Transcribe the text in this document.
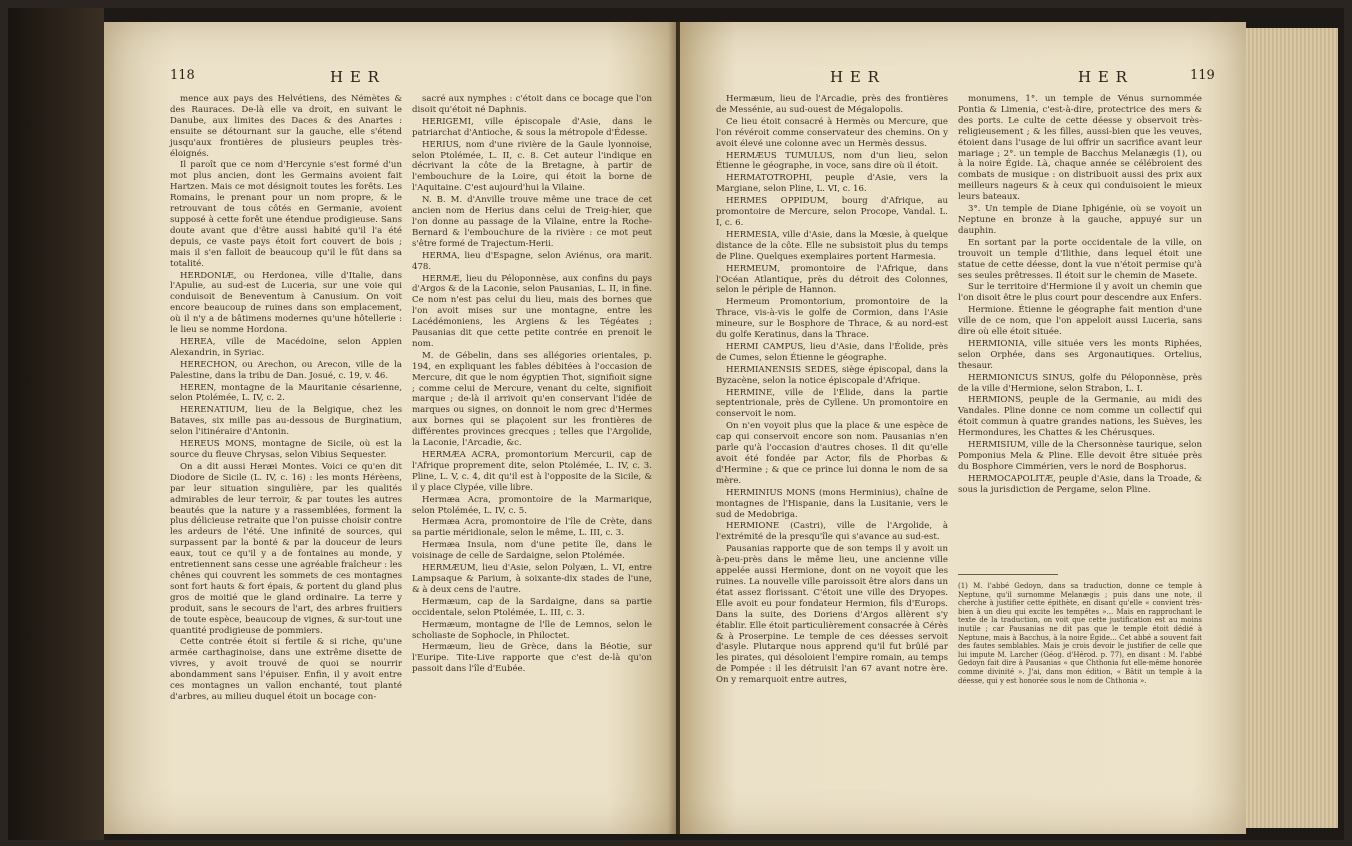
118	H E R

mence aux pays des Helvétiens, des Némètes & des Rauraces. De-là elle va droit, en suivant le Danube, aux limites des Daces & des Anartes : ensuite se détournant sur la gauche, elle s'étend jusqu'aux frontières de plusieurs peuples très-éloignés.

Il paroît que ce nom d'Hercynie s'est formé d'un mot plus ancien, dont les Germains avoient fait Hartzen. Mais ce mot désignoit toutes les forêts. Les Romains, le prenant pour un nom propre, & le retrouvant de tous côtés en Germanie, avoient supposé à cette forêt une étendue prodigieuse. Sans doute avant que d'être aussi habité qu'il l'a été depuis, ce vaste pays étoit fort couvert de bois ; mais il s'en falloit de beaucoup qu'il le fût dans sa totalité.

HERDONIÆ, ou Herdonea, ville d'Italie, dans l'Apulie, au sud-est de Luceria, sur une voie qui conduisoit de Beneventum à Canusium. On voit encore beaucoup de ruines dans son emplacement, où il n'y a de bâtimens modernes qu'une hôtellerie : le lieu se nomme Hordona.

HEREA, ville de Macédoine, selon Appien Alexandrin, in Syriac.

HERECHON, ou Arechon, ou Arecon, ville de la Palestine, dans la tribu de Dan. Josué, c. 19, v. 46.

HEREN, montagne de la Mauritanie césarienne, selon Ptolémée, L. IV, c. 2.

HERENATIUM, lieu de la Belgique, chez les Bataves, six mille pas au-dessous de Burginatium, selon l'itinéraire d'Antonin.

HEREUS MONS, montagne de Sicile, où est la source du fleuve Chrysas, selon Vibius Sequester.

On a dit aussi Heræi Montes. Voici ce qu'en dit Diodore de Sicile (L. IV, c. 16) : les monts Hérèens, par leur situation singulière, par les qualités admirables de leur terroir, & par toutes les autres beautés que la nature y a rassemblées, forment la plus délicieuse retraite que l'on puisse choisir contre les ardeurs de l'été. Une infinité de sources, qui surpassent par la bonté & par la douceur de leurs eaux, tout ce qu'il y a de fontaines au monde, y entretiennent sans cesse une agréable fraîcheur : les chênes qui couvrent les sommets de ces montagnes sont fort hauts & fort épais, & portent du gland plus gros de moitié que le gland ordinaire. La terre y produit, sans le secours de l'art, des arbres fruitiers de toute espèce, beaucoup de vignes, & sur-tout une quantité prodigieuse de pommiers.

Cette contrée étoit si fertile & si riche, qu'une armée carthaginoise, dans une extrême disette de vivres, y avoit trouvé de quoi se nourrir abondamment sans l'épuiser. Enfin, il y avoit entre ces montagnes un vallon enchanté, tout planté d'arbres, au milieu duquel étoit un bocage con-

sacré aux nymphes : c'étoit dans ce bocage que l'on disoit qu'étoit né Daphnis.

HERIGEMI, ville épiscopale d'Asie, dans le patriarchat d'Antioche, & sous la métropole d'Édesse.

HERIUS, nom d'une rivière de la Gaule lyonnoise, selon Ptolémée, L. II, c. 8. Cet auteur l'indique en décrivant la côte de la Bretagne, à partir de l'embouchure de la Loire, qui étoit la borne de l'Aquitaine. C'est aujourd'hui la Vilaine.

N. B. M. d'Anville trouve même une trace de cet ancien nom de Herius dans celui de Treig-hier, que l'on donne au passage de la Vilaine, entre la Roche-Bernard & l'embouchure de la rivière : ce mot peut s'être formé de Trajectum-Herii.

HERMA, lieu d'Espagne, selon Aviénus, ora marit. 478.

HERMÆ, lieu du Péloponnèse, aux confins du pays d'Argos & de la Laconie, selon Pausanias, L. II, in fine. Ce nom n'est pas celui du lieu, mais des bornes que l'on avoit mises sur une montagne, entre les Lacédémoniens, les Argiens & les Tégéates ; Pausanias dit que cette petite contrée en prenoit le nom.

M. de Gébelin, dans ses allégories orientales, p. 194, en expliquant les fables débitées à l'occasion de Mercure, dit que le nom égyptien Thot, signifioit signe ; comme celui de Mercure, venant du celte, signifioit marque ; de-là il arrivoit qu'en conservant l'idée de marques ou signes, on donnoit le nom grec d'Hermes aux bornes qui se plaçoient sur les frontières de différentes provinces grecques ; telles que l'Argolide, la Laconie, l'Arcadie, &c.

HERMÆA ACRA, promontorium Mercurii, cap de l'Afrique proprement dite, selon Ptolémée, L. IV, c. 3. Pline, L. V, c. 4, dit qu'il est à l'opposite de la Sicile, & il y place Clypée, ville libre.

Hermæa Acra, promontoire de la Marmarique, selon Ptolémée, L. IV, c. 5.

Hermæa Acra, promontoire de l'île de Crète, dans sa partie méridionale, selon le même, L. III, c. 3.

Hermæa Insula, nom d'une petite île, dans le voisinage de celle de Sardaigne, selon Ptolémée.

HERMÆUM, lieu d'Asie, selon Polyæn, L. VI, entre Lampsaque & Parium, à soixante-dix stades de l'une, & à deux cens de l'autre.

Hermæum, cap de la Sardaigne, dans sa partie occidentale, selon Ptolémée, L. III, c. 3.

Hermæum, montagne de l'île de Lemnos, selon le scholiaste de Sophocle, in Philoctet.

Hermæum, lieu de Grèce, dans la Béotie, sur l'Euripe. Tite-Live rapporte que c'est de-là qu'on passoit dans l'île d'Eubée.

H E R	H E R	119

Hermæum, lieu de l'Arcadie, près des frontières de Messénie, au sud-ouest de Mégalopolis.

Ce lieu étoit consacré à Hermès ou Mercure, que l'on révéroit comme conservateur des chemins. On y avoit élevé une colonne avec un Hermès dessus.

HERMÆUS TUMULUS, nom d'un lieu, selon Étienne le géographe, in voce, sans dire où il étoit.

HERMATOTROPHI, peuple d'Asie, vers la Margiane, selon Pline, L. VI, c. 16.

HERMES OPPIDUM, bourg d'Afrique, au promontoire de Mercure, selon Procope, Vandal. L. I, c. 6.

HERMESIA, ville d'Asie, dans la Mœsie, à quelque distance de la côte. Elle ne subsistoit plus du temps de Pline. Quelques exemplaires portent Harmesia.

HERMEUM, promontoire de l'Afrique, dans l'Océan Atlantique, près du détroit des Colonnes, selon le périple de Hannon.

Hermeum Promontorium, promontoire de la Thrace, vis-à-vis le golfe de Cormion, dans l'Asie mineure, sur le Bosphore de Thrace, & au nord-est du golfe Keratinus, dans la Thrace.

HERMI CAMPUS, lieu d'Asie, dans l'Éolide, près de Cumes, selon Étienne le géographe.

HERMIANENSIS SEDES, siège épiscopal, dans la Byzacène, selon la notice épiscopale d'Afrique.

HERMINE, ville de l'Élide, dans la partie septentrionale, près de Cyllene. Un promontoire en conservoit le nom.

On n'en voyoit plus que la place & une espèce de cap qui conservoit encore son nom. Pausanias n'en parle qu'à l'occasion d'autres choses. Il dit qu'elle avoit été fondée par Actor, fils de Phorbas & d'Hermine ; & que ce prince lui donna le nom de sa mère.

HERMINIUS MONS (mons Herminius), chaîne de montagnes de l'Hispanie, dans la Lusitanie, vers le sud de Medobriga.

HERMIONE (Castri), ville de l'Argolide, à l'extrémité de la presqu'île qui s'avance au sud-est.

Pausanias rapporte que de son temps il y avoit un à-peu-près dans le même lieu, une ancienne ville appelée aussi Hermione, dont on ne voyoit que les ruines. La nouvelle ville paroissoit être alors dans un état assez florissant. C'étoit une ville des Dryopes. Elle avoit eu pour fondateur Hermion, fils d'Europs. Dans la suite, des Doriens d'Argos allèrent s'y établir. Elle étoit particulièrement consacrée à Cérès & à Proserpine. Le temple de ces déesses servoit d'asyle. Plutarque nous apprend qu'il fut brûlé par les pirates, qui désoloient l'empire romain, au temps de Pompée : il les détruisit l'an 67 avant notre ère. On y remarquoit entre autres,

monumens, 1°. un temple de Vénus surnommée Pontia & Limenia, c'est-à-dire, protectrice des mers & des ports. Le culte de cette déesse y observoit très-religieusement ; & les filles, aussi-bien que les veuves, étoient dans l'usage de lui offrir un sacrifice avant leur mariage ; 2°. un temple de Bacchus Melanægis (1), ou à la noire Égide. Là, chaque année se célébroient des combats de musique : on distribuoit aussi des prix aux meilleurs nageurs & à ceux qui conduisoient le mieux leurs bateaux.

3°. Un temple de Diane Iphigénie, où se voyoit un Neptune en bronze à la gauche, appuyé sur un dauphin.

En sortant par la porte occidentale de la ville, on trouvoit un temple d'Ilithie, dans lequel étoit une statue de cette déesse, dont la vue n'étoit permise qu'à ses seules prêtresses. Il étoit sur le chemin de Masete.

Sur le territoire d'Hermione il y avoit un chemin que l'on disoit être le plus court pour descendre aux Enfers.

Hermione. Étienne le géographe fait mention d'une ville de ce nom, que l'on appeloit aussi Luceria, sans dire où elle étoit située.

HERMIONIA, ville située vers les monts Riphées, selon Orphée, dans ses Argonautiques. Ortelius, thesaur.

HERMIONICUS SINUS, golfe du Péloponnèse, près de la ville d'Hermione, selon Strabon, L. I.

HERMIONS, peuple de la Germanie, au midi des Vandales. Pline donne ce nom comme un collectif qui étoit commun à quatre grandes nations, les Suèves, les Hermondures, les Chattes & les Chérusques.

HERMISIUM, ville de la Chersonnèse taurique, selon Pomponius Mela & Pline. Elle devoit être située près du Bosphore Cimmérien, vers le nord de Bosphorus.

HERMOCAPOLITÆ, peuple d'Asie, dans la Troade, & sous la jurisdiction de Pergame, selon Pline.

(1) M. l'abbé Gedoyn, dans sa traduction, donne ce temple à Neptune, qu'il surnomme Melanægis ; puis dans une note, il cherche à justifier cette épithète, en disant qu'elle « convient très-bien à un dieu qui excite les tempêtes »... Mais en rapprochant le texte de la traduction, on voit que cette justification est au moins inutile ; car Pausanias ne dit pas que le temple étoit dédié à Neptune, mais à Bacchus, à la noire Égide... Cet abbé a souvent fait des fautes semblables. Mais je crois devoir le justifier de celle que lui impute M. Larcher (Géog. d'Hérod. p. 77), en disant : M. l'abbé Gedoyn fait dire à Pausanias « que Chthonia fut elle-même honorée comme divinité ». J'ai, dans mon édition, « Bâtit un temple à la déesse, qui y est honorée sous le nom de Chthonia ».
